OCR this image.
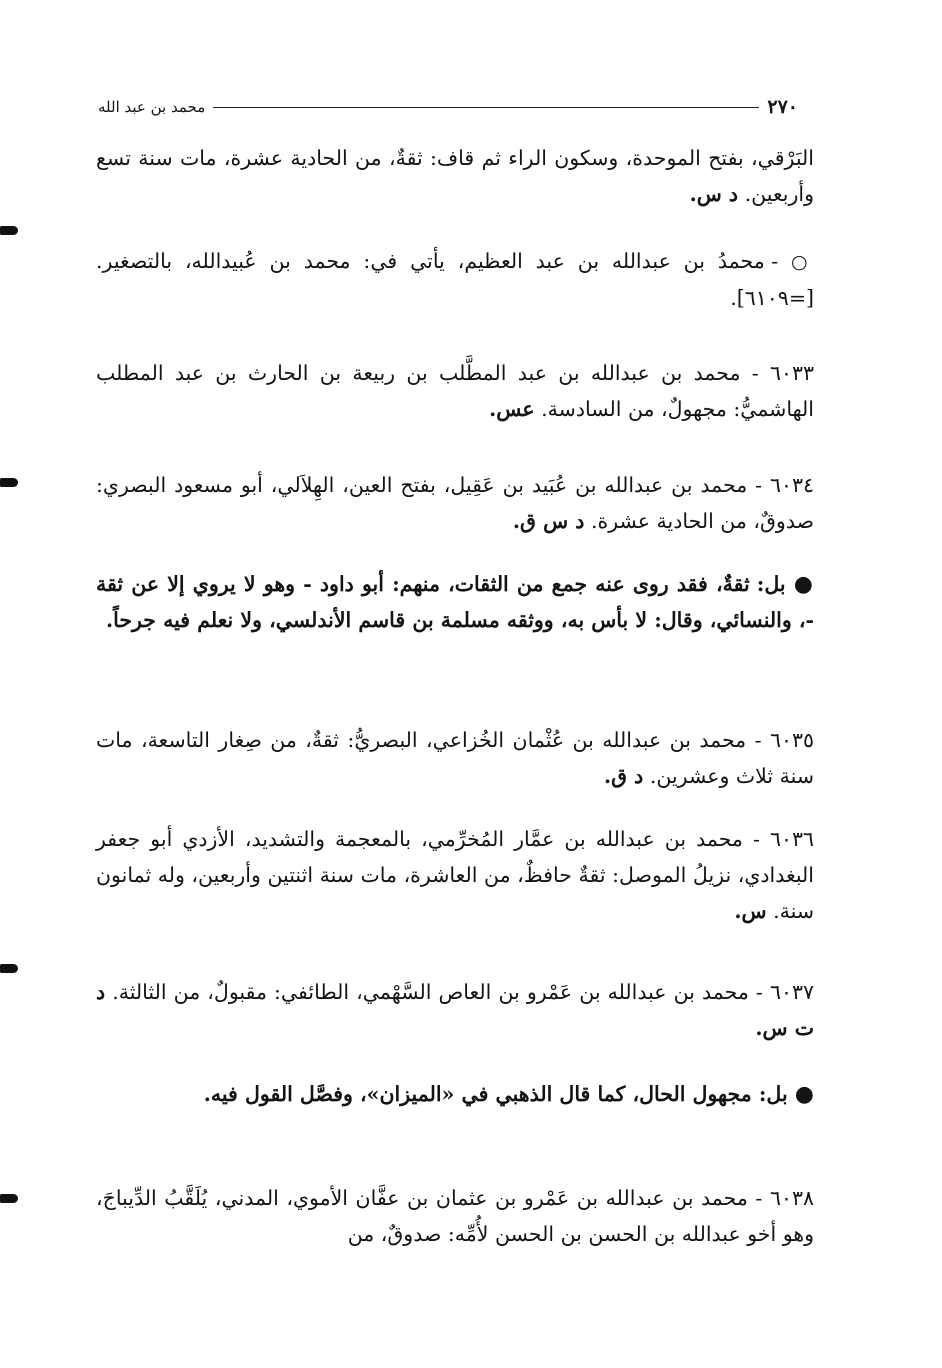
٢٧٠
محمد بن عبد الله

البَرْقي، بفتح الموحدة، وسكون الراء ثم قاف: ثقةٌ، من الحادية عشرة، مات سنة تسع وأربعين. د س.

○ - محمدُ بن عبدالله بن عبد العظيم، يأتي في: محمد بن عُبيدالله، بالتصغير. [=٦١٠٩].

٦٠٣٣ - محمد بن عبدالله بن عبد المطَّلب بن ربيعة بن الحارث بن عبد المطلب الهاشميُّ: مجهولٌ، من السادسة. عس.

٦٠٣٤ - محمد بن عبدالله بن عُبَيد بن عَقِيل، بفتح العين، الهِلاَلي، أبو مسعود البصري: صدوقٌ، من الحادية عشرة. د س ق.

● بل: ثقةٌ، فقد روى عنه جمع من الثقات، منهم: أبو داود - وهو لا يروي إلا عن ثقة -، والنسائي، وقال: لا بأس به، ووثقه مسلمة بن قاسم الأندلسي، ولا نعلم فيه جرحاً.

٦٠٣٥ - محمد بن عبدالله بن عُثْمان الخُزاعي، البصريُّ: ثقةٌ، من صِغار التاسعة، مات سنة ثلاث وعشرين. د ق.

٦٠٣٦ - محمد بن عبدالله بن عمَّار المُخرِّمي، بالمعجمة والتشديد، الأزدي أبو جعفر البغدادي، نزيلُ الموصل: ثقةٌ حافظٌ، من العاشرة، مات سنة اثنتين وأربعين، وله ثمانون سنة. س.

٦٠٣٧ - محمد بن عبدالله بن عَمْرو بن العاص السَّهْمي، الطائفي: مقبولٌ، من الثالثة. د ت س.

● بل: مجهول الحال، كما قال الذهبي في «الميزان»، وفصَّل القول فيه.

٦٠٣٨ - محمد بن عبدالله بن عَمْرو بن عثمان بن عفَّان الأموي، المدني، يُلَقَّبُ الدِّيباجَ، وهو أخو عبدالله بن الحسن بن الحسن لأُمِّه: صدوقٌ، من
